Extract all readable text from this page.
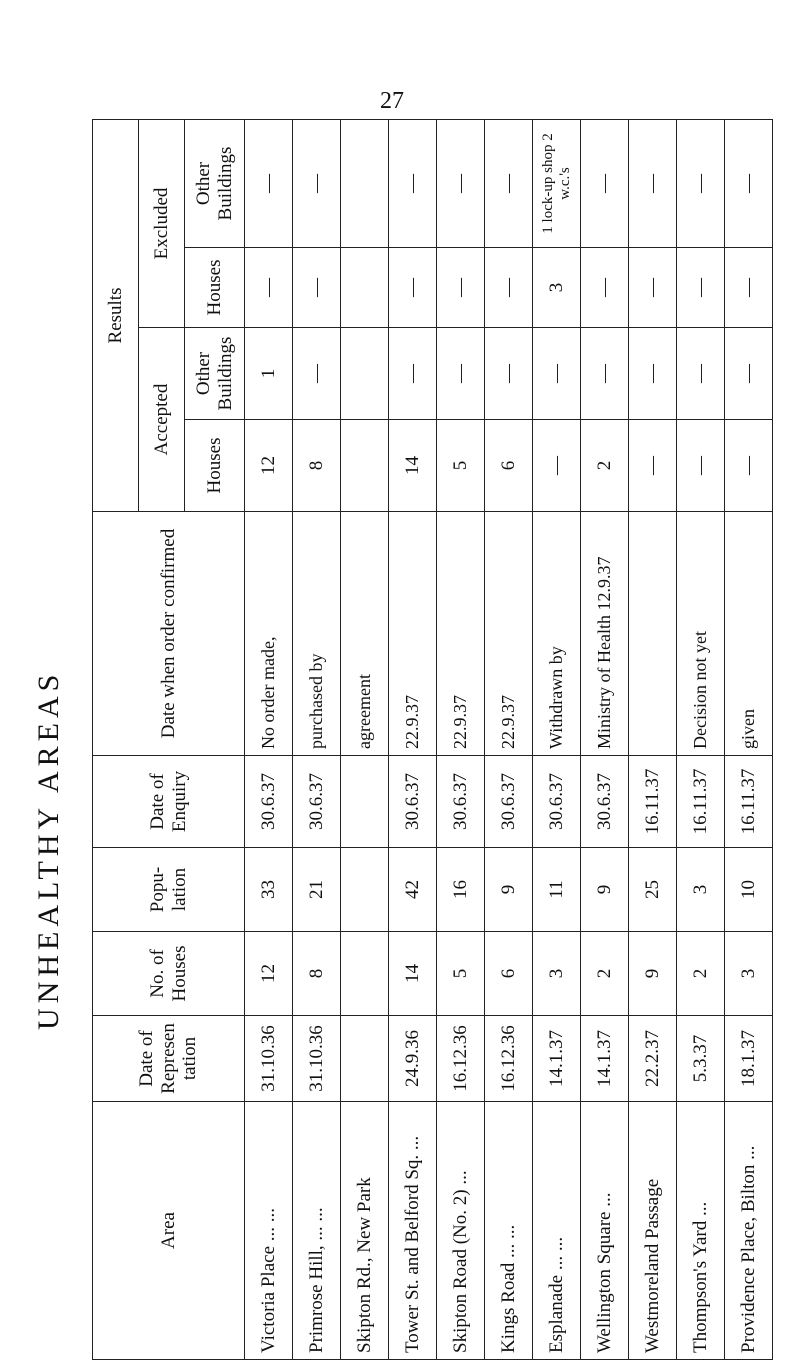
27
UNHEALTHY AREAS
Area	Date of Represen tation	No. of Houses	Popu- lation	Date of Enquiry	Date when order confirmed	Results			
						Accepted		Excluded	
						Houses	Other Buildings	Houses	Other Buildings
Victoria Place ... ...	31.10.36	12	33	30.6.37	No order made,	12	1	—	—
Primrose Hill, ... ...	31.10.36	8	21	30.6.37	purchased by	8	—	—	—
Skipton Rd., New Park					agreement				
Tower St. and Belford Sq. ...	24.9.36	14	42	30.6.37	22.9.37	14	—	—	—
Skipton Road (No. 2) ...	16.12.36	5	16	30.6.37	22.9.37	5	—	—	—
Kings Road ... ...	16.12.36	6	9	30.6.37	22.9.37	6	—	—	—
Esplanade ... ...	14.1.37	3	11	30.6.37	Withdrawn by	—	—	3	1 lock-up shop 2 w.c.'s
Wellington Square ...	14.1.37	2	9	30.6.37	Ministry of Health 12.9.37	2	—	—	—
Westmoreland Passage	22.2.37	9	25	16.11.37		—	—	—	—
Thompson's Yard ...	5.3.37	2	3	16.11.37	Decision not yet	—	—	—	—
Providence Place, Bilton ...	18.1.37	3	10	16.11.37	given	—	—	—	—
